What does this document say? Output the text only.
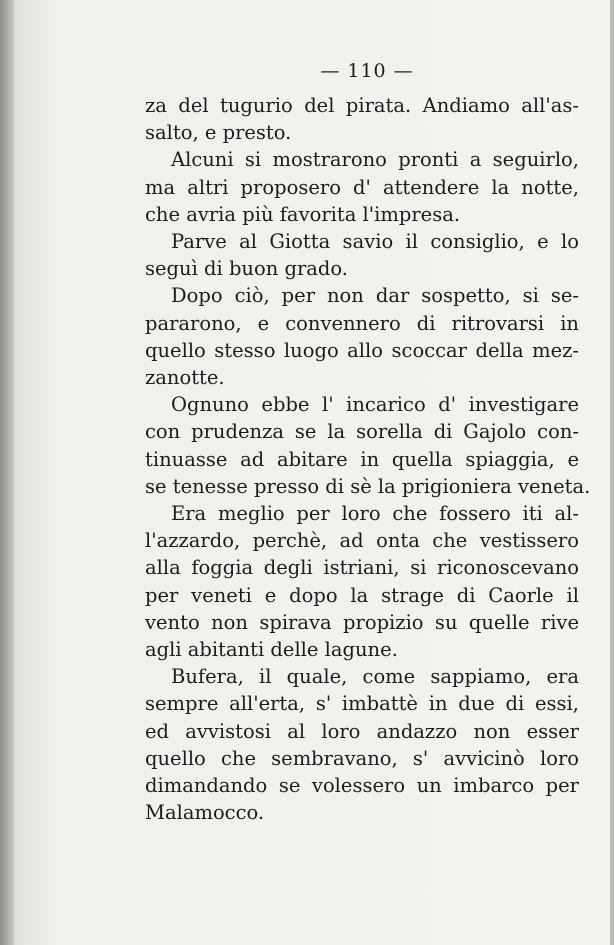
— 110 —
za del tugurio del pirata. Andiamo all'as-
salto, e presto.
Alcuni si mostrarono pronti a seguirlo,
ma altri proposero d' attendere la notte,
che avria più favorita l'impresa.
Parve al Giotta savio il consiglio, e lo
seguì di buon grado.
Dopo ciò, per non dar sospetto, si se-
pararono, e convennero di ritrovarsi in
quello stesso luogo allo scoccar della mez-
zanotte.
Ognuno ebbe l' incarico d' investigare
con prudenza se la sorella di Gajolo con-
tinuasse ad abitare in quella spiaggia, e
se tenesse presso di sè la prigioniera veneta.
Era meglio per loro che fossero iti al-
l'azzardo, perchè, ad onta che vestissero
alla foggia degli istriani, si riconoscevano
per veneti e dopo la strage di Caorle il
vento non spirava propizio su quelle rive
agli abitanti delle lagune.
Bufera, il quale, come sappiamo, era
sempre all'erta, s' imbattè in due di essi,
ed avvistosi al loro andazzo non esser
quello che sembravano, s' avvicinò loro
dimandando se volessero un imbarco per
Malamocco.
